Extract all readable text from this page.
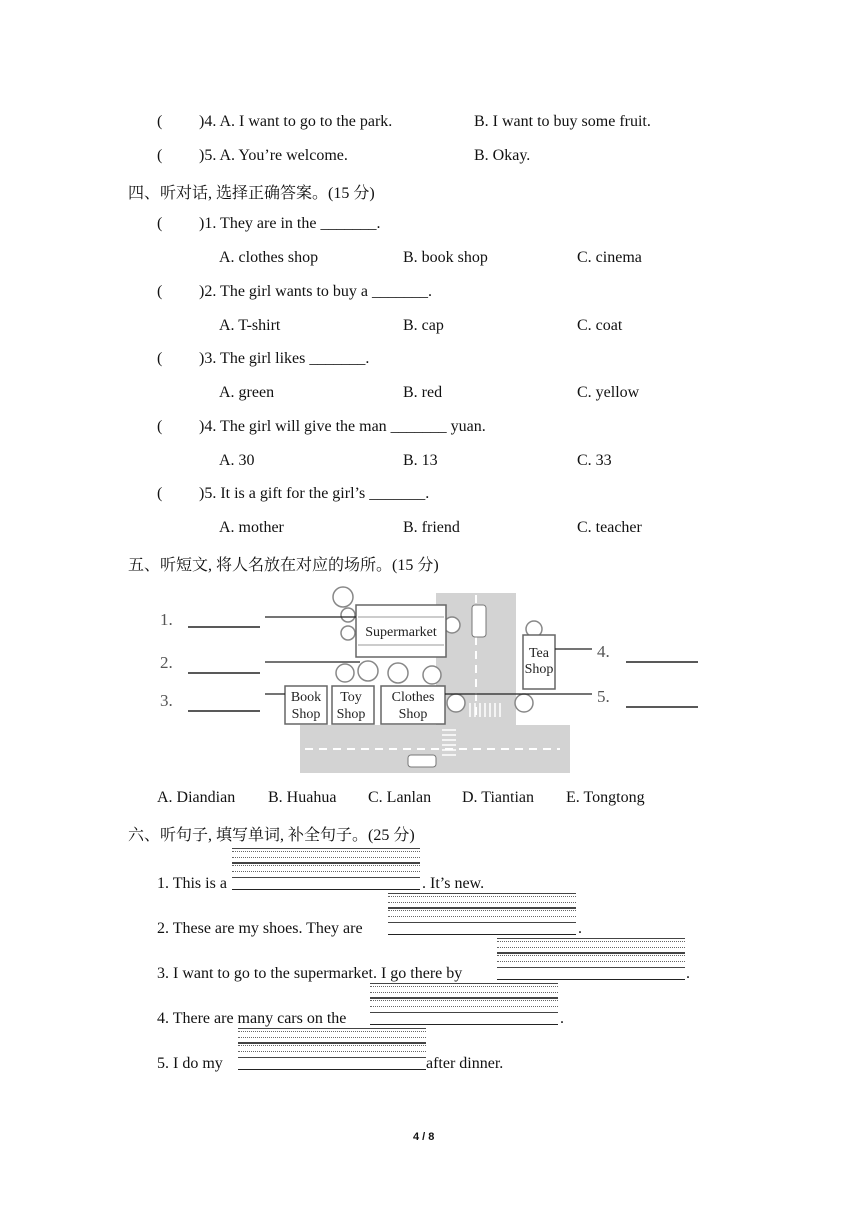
( )4. A. I want to go to the park.	B. I want to buy some fruit.
( )5. A. You’re welcome.	B. Okay.
四、听对话, 选择正确答案。(15 分)
( )1. They are in the _______.
A. clothes shop	B. book shop	C. cinema
( )2. The girl wants to buy a _______.
A. T-shirt	B. cap	C. coat
( )3. The girl likes _______.
A. green	B. red	C. yellow
( )4. The girl will give the man _______ yuan.
A. 30	B. 13	C. 33
( )5. It is a gift for the girl’s _______.
A. mother	B. friend	C. teacher
五、听短文, 将人名放在对应的场所。(15 分)
Supermarket
Tea
Shop
Book
Shop
Toy
Shop
Clothes
Shop
1.
2.
3.
4.
5.
A. Diandian B. Huahua C. Lanlan D. Tiantian E. Tongtong
六、听句子, 填写单词, 补全句子。(25 分)
1. This is a	. It’s new.
2. These are my shoes. They are	.
3. I want to go to the supermarket. I go there by	.
4. There are many cars on the	.
5. I do my	after dinner.
4 / 8
